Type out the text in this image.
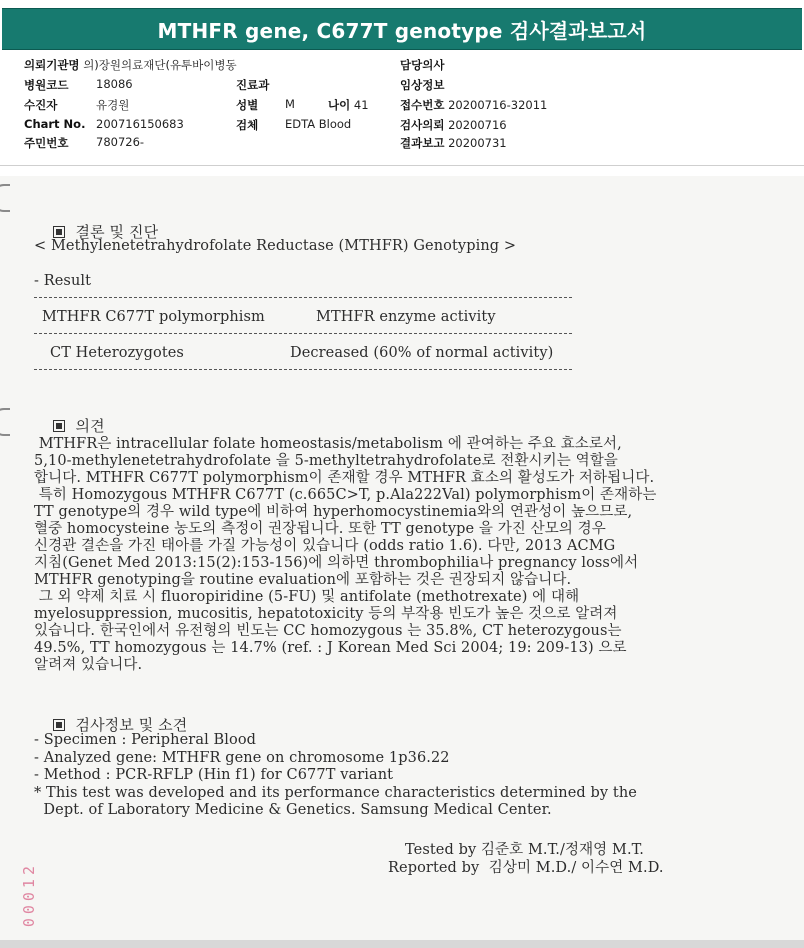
MTHFR gene, C677T genotype 검사결과보고서
의뢰기관명 의)장원의료재단(유투바이병동
병원코드 18086
수진자	유경원
Chart No. 200716150683
주민번호 780726-
진료과
성별 M	나이 41
검체 EDTA Blood
담당의사
임상정보
접수번호 20200716-32011
검사의뢰 20200716
결과보고 20200731

결론 및 진단

< Methylenetetrahydrofolate Reductase (MTHFR) Genotyping >
- Result
MTHFR C677T polymorphism	MTHFR enzyme activity
CT Heterozygotes	Decreased (60% of normal activity)

의견

MTHFR은 intracellular folate homeostasis/metabolism 에 관여하는 주요 효소로서,
5,10-methylenetetrahydrofolate 을 5-methyltetrahydrofolate로 전환시키는 역할을
합니다. MTHFR C677T polymorphism이 존재할 경우 MTHFR 효소의 활성도가 저하됩니다.
특히 Homozygous MTHFR C677T (c.665C>T, p.Ala222Val) polymorphism이 존재하는
TT genotype의 경우 wild type에 비하여 hyperhomocystinemia와의 연관성이 높으므로,
혈중 homocysteine 농도의 측정이 권장됩니다. 또한 TT genotype 을 가진 산모의 경우
신경관 결손을 가진 태아를 가질 가능성이 있습니다 (odds ratio 1.6). 다만, 2013 ACMG
지침(Genet Med 2013:15(2):153-156)에 의하면 thrombophilia나 pregnancy loss에서
MTHFR genotyping을 routine evaluation에 포함하는 것은 권장되지 않습니다.
그 외 약제 치료 시 fluoropiridine (5-FU) 및 antifolate (methotrexate) 에 대해
myelosuppression, mucositis, hepatotoxicity 등의 부작용 빈도가 높은 것으로 알려져
있습니다. 한국인에서 유전형의 빈도는 CC homozygous 는 35.8%, CT heterozygous는
49.5%, TT homozygous 는 14.7% (ref. : J Korean Med Sci 2004; 19: 209-13) 으로
알려져 있습니다.

검사정보 및 소견

- Specimen : Peripheral Blood
- Analyzed gene: MTHFR gene on chromosome 1p36.22
- Method : PCR-RFLP (Hin f1) for C677T variant
* This test was developed and its performance characteristics determined by the
Dept. of Laboratory Medicine & Genetics. Samsung Medical Center.
Tested by 김준호 M.T./정재영 M.T.
Reported by  김상미 M.D./ 이수연 M.D.
00012
